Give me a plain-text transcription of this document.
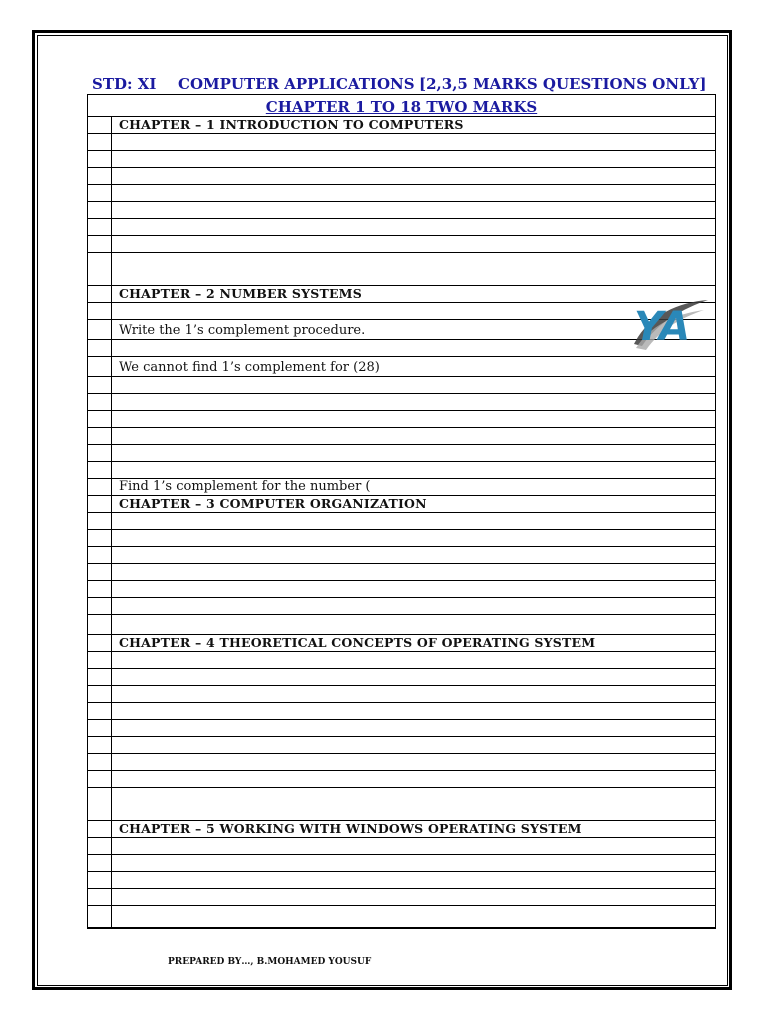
STD: XI COMPUTER APPLICATIONS [2,3,5 MARKS QUESTIONS ONLY]
CHAPTER 1 TO 18 TWO MARKS
CHAPTER – 1 INTRODUCTION TO COMPUTERS
CHAPTER – 2 NUMBER SYSTEMS
Write the 1’s complement procedure.
We cannot find 1’s complement for (28)
Find 1’s complement for the number (
CHAPTER – 3 COMPUTER ORGANIZATION
CHAPTER – 4 THEORETICAL CONCEPTS OF OPERATING SYSTEM
CHAPTER – 5 WORKING WITH WINDOWS OPERATING SYSTEM
YA
PREPARED BY…, B.MOHAMED YOUSUF
